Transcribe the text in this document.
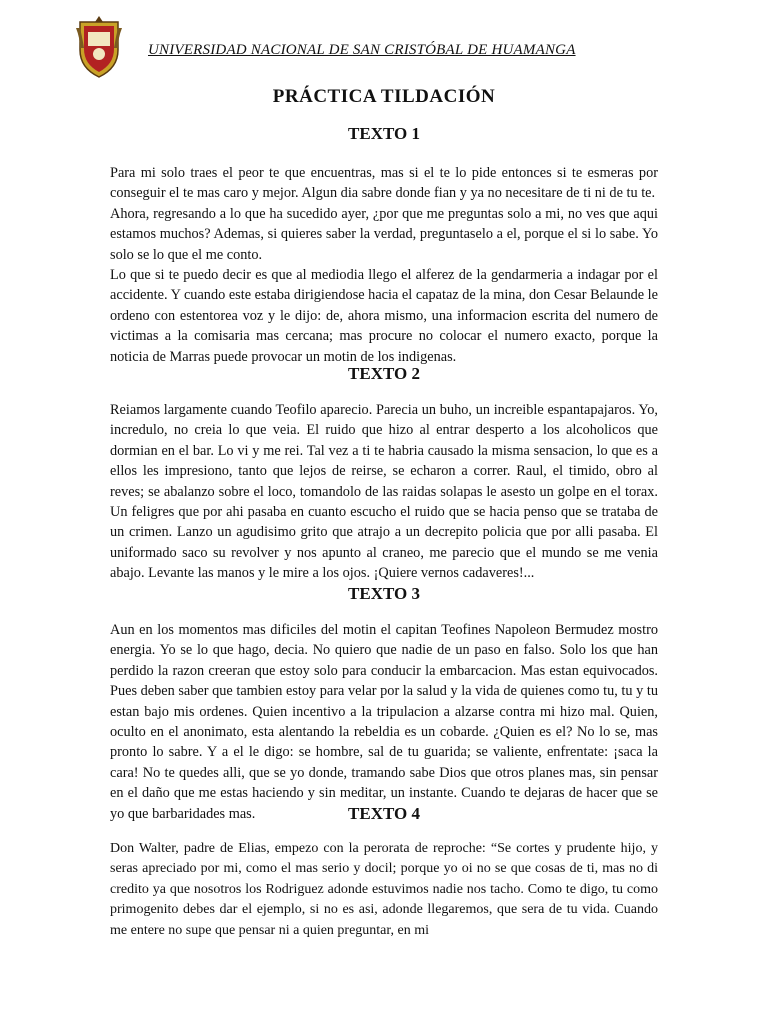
UNIVERSIDAD NACIONAL DE SAN CRISTÓBAL DE HUAMANGA
PRÁCTICA TILDACIÓN
TEXTO 1

Para mi solo traes el peor te que encuentras, mas si el te lo pide entonces si te esmeras por conseguir el te mas caro y mejor. Algun dia sabre donde fian y ya no necesitare de ti ni de tu te.

Ahora, regresando a lo que ha sucedido ayer, ¿por que me preguntas solo a mi, no ves que aqui estamos muchos? Ademas, si quieres saber la verdad, preguntaselo a el, porque el si lo sabe. Yo solo se lo que el me conto.

Lo que si te puedo decir es que al mediodia llego el alferez de la gendarmeria a indagar por el accidente. Y cuando este estaba dirigiendose hacia el capataz de la mina, don Cesar Belaunde le ordeno con estentorea voz y le dijo: de, ahora mismo, una informacion escrita del numero de victimas a la comisaria mas cercana; mas procure no colocar el numero exacto, porque la noticia de Marras puede provocar un motin de los indigenas.

TEXTO 2

Reiamos largamente cuando Teofilo aparecio. Parecia un buho, un increible espantapajaros. Yo, incredulo, no creia lo que veia. El ruido que hizo al entrar desperto a los alcoholicos que dormian en el bar. Lo vi y me rei. Tal vez a ti te habria causado la misma sensacion, lo que es a ellos les impresiono, tanto que lejos de reirse, se echaron a correr. Raul, el timido, obro al reves; se abalanzo sobre el loco, tomandolo de las raidas solapas le asesto un golpe en el torax. Un feligres que por ahi pasaba en cuanto escucho el ruido que se hacia penso que se trataba de un crimen. Lanzo un agudisimo grito que atrajo a un decrepito policia que por alli pasaba. El uniformado saco su revolver y nos apunto al craneo, me parecio que el mundo se me venia abajo. Levante las manos y le mire a los ojos. ¡Quiere vernos cadaveres!...

TEXTO 3

Aun en los momentos mas dificiles del motin el capitan Teofines Napoleon Bermudez mostro energia. Yo se lo que hago, decia. No quiero que nadie de un paso en falso. Solo los que han perdido la razon creeran que estoy solo para conducir la embarcacion. Mas estan equivocados. Pues deben saber que tambien estoy para velar por la salud y la vida de quienes como tu, tu y tu estan bajo mis ordenes. Quien incentivo a la tripulacion a alzarse contra mi hizo mal. Quien, oculto en el anonimato, esta alentando la rebeldia es un cobarde. ¿Quien es el? No lo se, mas pronto lo sabre. Y a el le digo: se hombre, sal de tu guarida; se valiente, enfrentate: ¡saca la cara! No te quedes alli, que se yo donde, tramando sabe Dios que otros planes mas, sin pensar en el daño que me estas haciendo y sin meditar, un instante. Cuando te dejaras de hacer que se yo que barbaridades mas.	TEXTO 4

Don Walter, padre de Elias, empezo con la perorata de reproche: “Se cortes y prudente hijo, y seras apreciado por mi, como el mas serio y docil; porque yo oi no se que cosas de ti, mas no di credito ya que nosotros los Rodriguez adonde estuvimos nadie nos tacho. Como te digo, tu como primogenito debes dar el ejemplo, si no es asi, adonde llegaremos, que sera de tu vida. Cuando me entere no supe que pensar ni a quien preguntar, en mi
